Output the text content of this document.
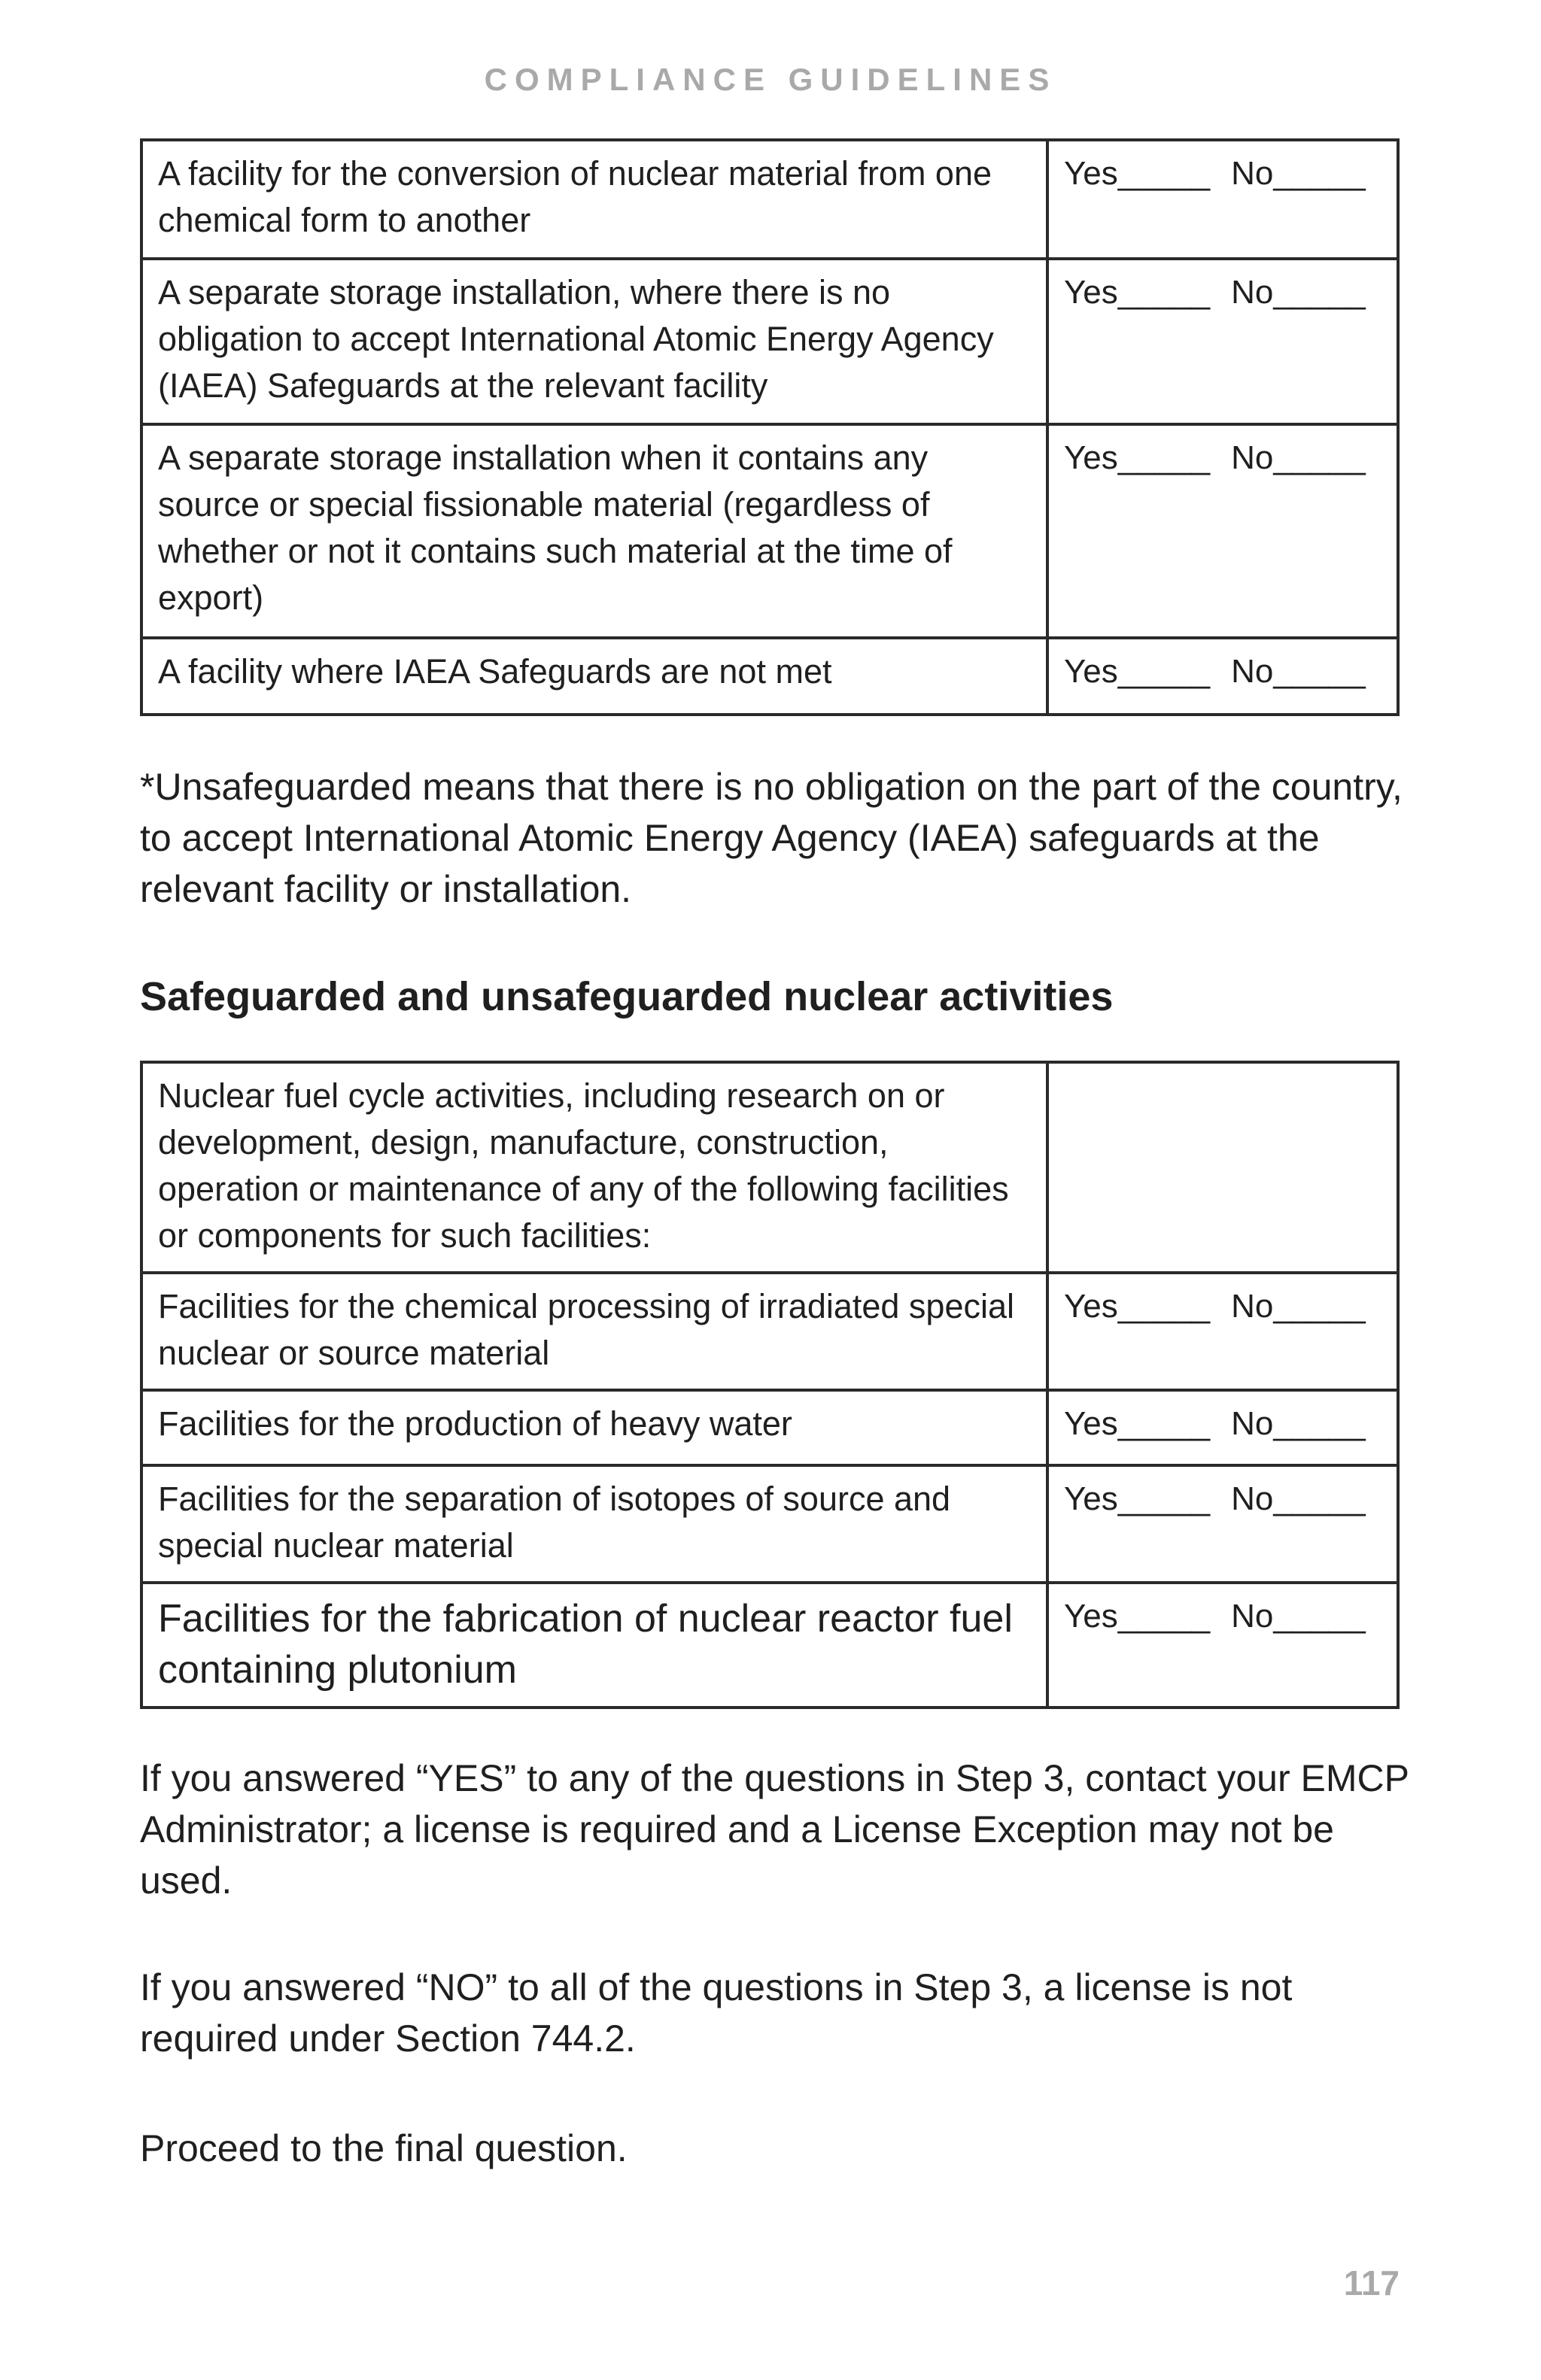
COMPLIANCE GUIDELINES
A facility for the conversion of nuclear material from one chemical form to another	Yes_____ No_____
A separate storage installation, where there is no obligation to accept International Atomic Energy Agency (IAEA) Safeguards at the relevant facility	Yes_____ No_____
A separate storage installation when it contains any source or special fissionable material (regardless of whether or not it contains such material at the time of export)	Yes_____ No_____
A facility where IAEA Safeguards are not met	Yes_____ No_____

*Unsafeguarded means that there is no obligation on the part of the country, to accept International Atomic Energy Agency (IAEA) safeguards at the relevant facility or installation.

Safeguarded and unsafeguarded nuclear activities
Nuclear fuel cycle activities, including research on or development, design, manufacture, construction, operation or maintenance of any of the following facilities or components for such facilities:	
Facilities for the chemical processing of irradiated special nuclear or source material	Yes_____ No_____
Facilities for the production of heavy water	Yes_____ No_____
Facilities for the separation of isotopes of source and special nuclear material	Yes_____ No_____
Facilities for the fabrication of nuclear reactor fuel containing plutonium	Yes_____ No_____

If you answered “YES” to any of the questions in Step 3, contact your EMCP Administrator; a license is required and a License Exception may not be used.

If you answered “NO” to all of the questions in Step 3, a license is not required under Section 744.2.

Proceed to the final question.

117
